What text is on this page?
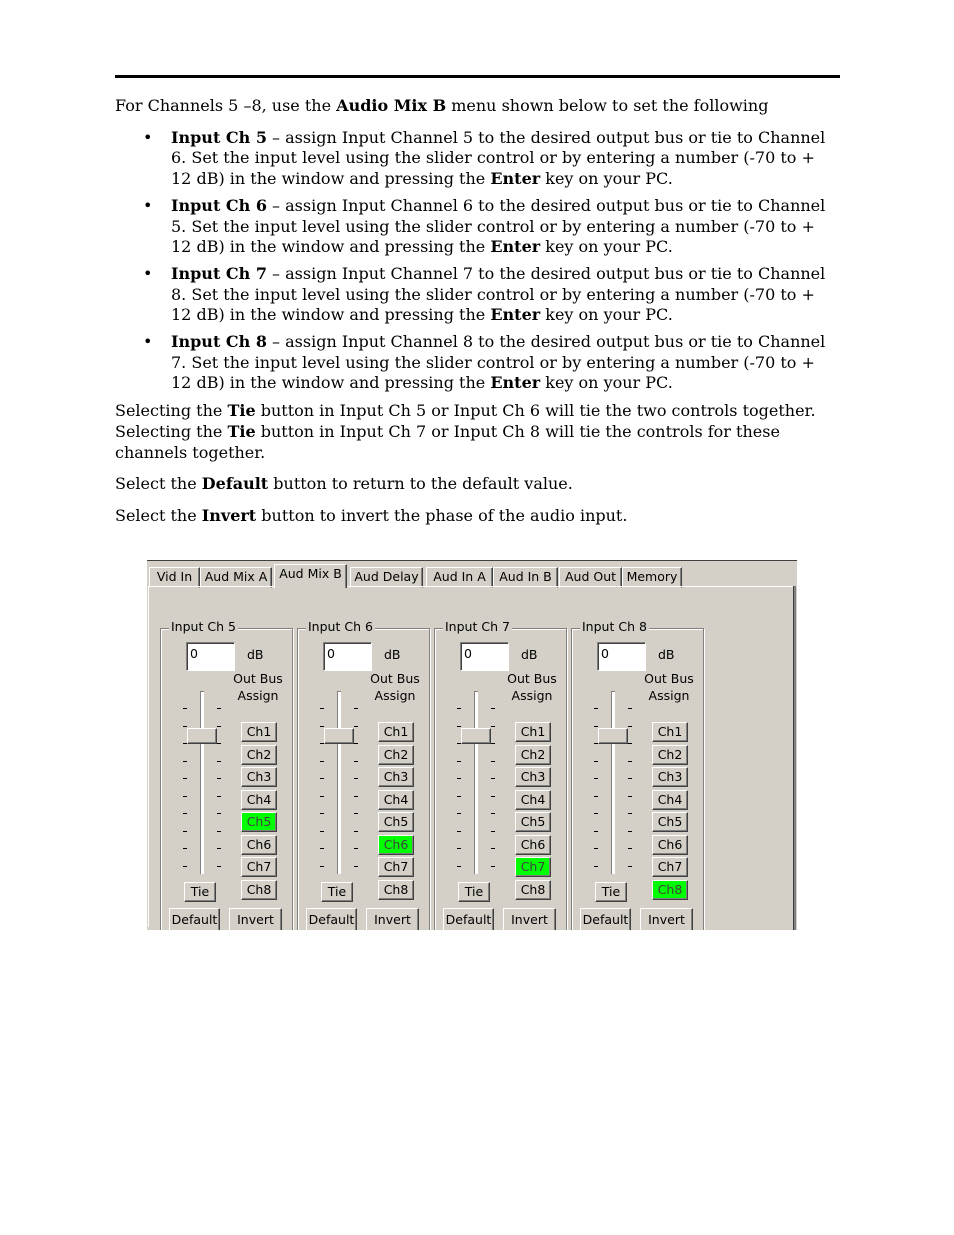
For Channels 5 –8, use the Audio Mix B menu shown below to set the following

• Input Ch 5 – assign Input Channel 5 to the desired output bus or tie to Channel 6. Set the input level using the slider control or by entering a number (-70 to + 12 dB) in the window and pressing the Enter key on your PC.
• Input Ch 6 – assign Input Channel 6 to the desired output bus or tie to Channel 5. Set the input level using the slider control or by entering a number (-70 to + 12 dB) in the window and pressing the Enter key on your PC.
• Input Ch 7 – assign Input Channel 7 to the desired output bus or tie to Channel 8. Set the input level using the slider control or by entering a number (-70 to + 12 dB) in the window and pressing the Enter key on your PC.
• Input Ch 8 – assign Input Channel 8 to the desired output bus or tie to Channel 7. Set the input level using the slider control or by entering a number (-70 to + 12 dB) in the window and pressing the Enter key on your PC.

Selecting the Tie button in Input Ch 5 or Input Ch 6 will tie the two controls together. Selecting the Tie button in Input Ch 7 or Input Ch 8 will tie the controls for these channels together.

Select the Default button to return to the default value.

Select the Invert button to invert the phase of the audio input.

Vid In	Aud Mix A Aud Mix B	Aud Delay	Aud In A	Aud In B	Aud Out Memory
Input Ch 5
0	dB
Out Bus
Assign
Ch1
Ch2
Ch3
Ch4
Ch5
Ch6
Ch7
Ch8
Tie
Default	Invert
Input Ch 6
0	dB
Out Bus
Assign
Ch1
Ch2
Ch3
Ch4
Ch5
Ch6
Ch7
Ch8
Tie
Default	Invert
Input Ch 7
0	dB
Out Bus
Assign
Ch1
Ch2
Ch3
Ch4
Ch5
Ch6
Ch7
Ch8
Tie
Default	Invert
Input Ch 8
0	dB
Out Bus
Assign
Ch1
Ch2
Ch3
Ch4
Ch5
Ch6
Ch7
Ch8
Tie
Default	Invert
